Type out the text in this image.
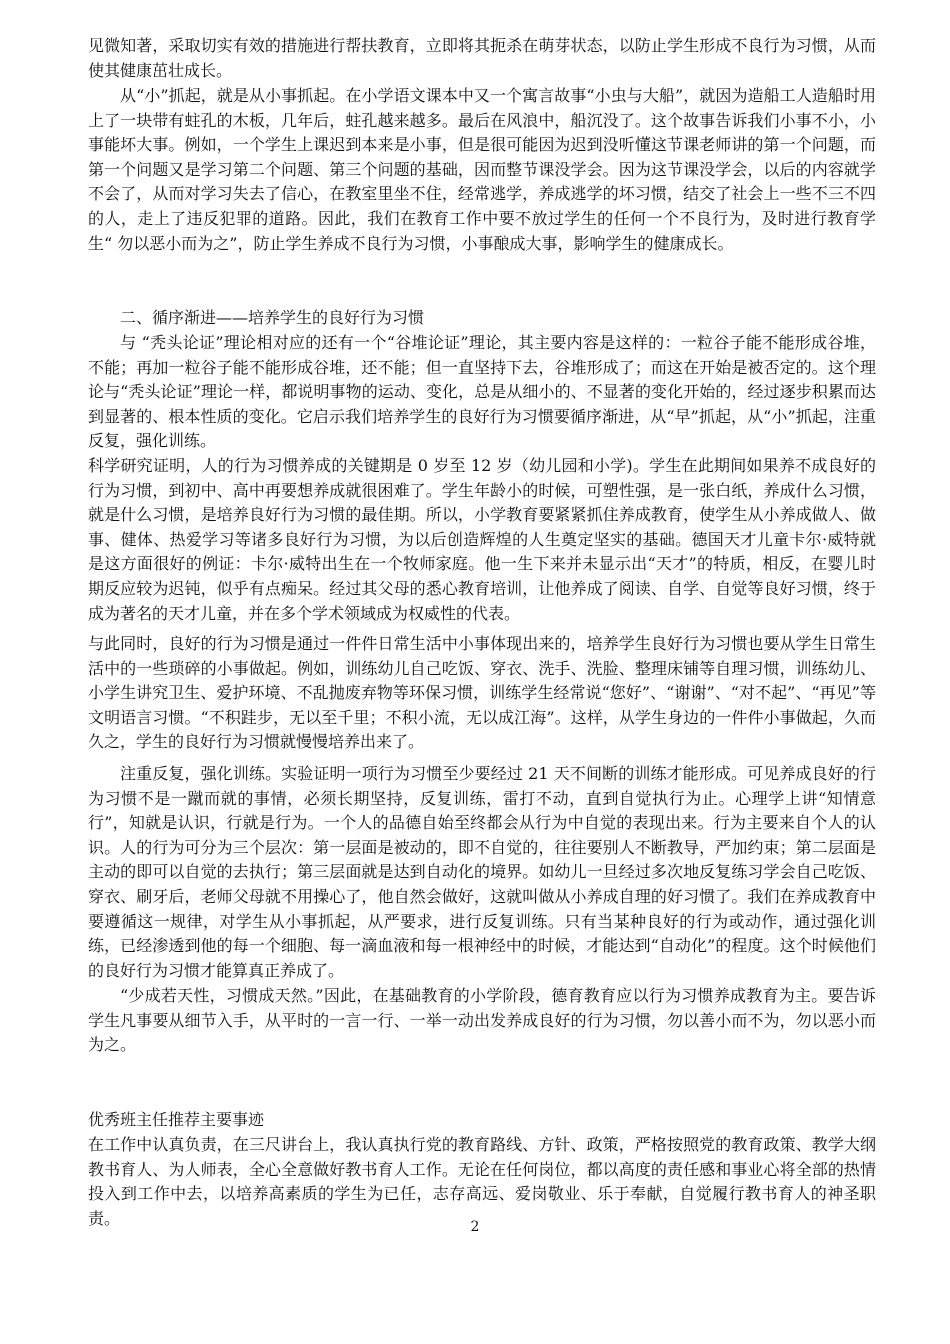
见微知著，采取切实有效的措施进行帮扶教育，立即将其扼杀在萌芽状态，以防止学生形成不良行为习惯，从而使其健康茁壮成长。

从“小”抓起，就是从小事抓起。在小学语文课本中又一个寓言故事“小虫与大船”，就因为造船工人造船时用上了一块带有蛀孔的木板，几年后，蛀孔越来越多。最后在风浪中，船沉没了。这个故事告诉我们小事不小，小事能坏大事。例如，一个学生上课迟到本来是小事，但是很可能因为迟到没听懂这节课老师讲的第一个问题，而第一个问题又是学习第二个问题、第三个问题的基础，因而整节课没学会。因为这节课没学会，以后的内容就学不会了，从而对学习失去了信心，在教室里坐不住，经常逃学，养成逃学的坏习惯，结交了社会上一些不三不四的人，走上了违反犯罪的道路。因此，我们在教育工作中要不放过学生的任何一个不良行为，及时进行教育学生“ 勿以恶小而为之”，防止学生养成不良行为习惯，小事酿成大事，影响学生的健康成长。

二、循序渐进——培养学生的良好行为习惯

与 “秃头论证”理论相对应的还有一个“谷堆论证”理论，其主要内容是这样的：一粒谷子能不能形成谷堆，不能；再加一粒谷子能不能形成谷堆，还不能；但一直坚持下去，谷堆形成了；而这在开始是被否定的。这个理论与“秃头论证”理论一样，都说明事物的运动、变化，总是从细小的、不显著的变化开始的，经过逐步积累而达到显著的、根本性质的变化。它启示我们培养学生的良好行为习惯要循序渐进，从“早”抓起，从“小”抓起，注重反复，强化训练。

科学研究证明，人的行为习惯养成的关键期是 0 岁至 12 岁（幼儿园和小学)。学生在此期间如果养不成良好的行为习惯，到初中、高中再要想养成就很困难了。学生年龄小的时候，可塑性强，是一张白纸，养成什么习惯，就是什么习惯，是培养良好行为习惯的最佳期。所以，小学教育要紧紧抓住养成教育，使学生从小养成做人、做事、健体、热爱学习等诸多良好行为习惯，为以后创造辉煌的人生奠定坚实的基础。德国天才儿童卡尔·威特就是这方面很好的例证：卡尔·威特出生在一个牧师家庭。他一生下来并未显示出“天才”的特质，相反，在婴儿时期反应较为迟钝，似乎有点痴呆。经过其父母的悉心教育培训，让他养成了阅读、自学、自觉等良好习惯，终于成为著名的天才儿童，并在多个学术领域成为权威性的代表。

与此同时，良好的行为习惯是通过一件件日常生活中小事体现出来的，培养学生良好行为习惯也要从学生日常生活中的一些琐碎的小事做起。例如，训练幼儿自己吃饭、穿衣、洗手、洗脸、整理床铺等自理习惯，训练幼儿、小学生讲究卫生、爱护环境、不乱抛废弃物等环保习惯，训练学生经常说“您好”、“谢谢”、“对不起”、“再见”等文明语言习惯。“不积跬步，无以至千里；不积小流，无以成江海”。这样，从学生身边的一件件小事做起，久而久之，学生的良好行为习惯就慢慢培养出来了。

注重反复，强化训练。实验证明一项行为习惯至少要经过 21 天不间断的训练才能形成。可见养成良好的行为习惯不是一蹴而就的事情，必须长期坚持，反复训练，雷打不动，直到自觉执行为止。心理学上讲“知情意行”，知就是认识，行就是行为。一个人的品德自始至终都会从行为中自觉的表现出来。行为主要来自个人的认识。人的行为可分为三个层次：第一层面是被动的，即不自觉的，往往要别人不断教导，严加约束；第二层面是主动的即可以自觉的去执行；第三层面就是达到自动化的境界。如幼儿一旦经过多次地反复练习学会自己吃饭、穿衣、刷牙后，老师父母就不用操心了，他自然会做好，这就叫做从小养成自理的好习惯了。我们在养成教育中要遵循这一规律，对学生从小事抓起，从严要求，进行反复训练。只有当某种良好的行为或动作，通过强化训练，已经渗透到他的每一个细胞、每一滴血液和每一根神经中的时候，才能达到“自动化”的程度。这个时候他们的良好行为习惯才能算真正养成了。

“少成若天性，习惯成天然。”因此，在基础教育的小学阶段，德育教育应以行为习惯养成教育为主。要告诉学生凡事要从细节入手，从平时的一言一行、一举一动出发养成良好的行为习惯，勿以善小而不为，勿以恶小而为之。

优秀班主任推荐主要事迹

在工作中认真负责，在三尺讲台上，我认真执行党的教育路线、方针、政策，严格按照党的教育政策、教学大纲教书育人、为人师表，全心全意做好教书育人工作。无论在任何岗位，都以高度的责任感和事业心将全部的热情投入到工作中去，以培养高素质的学生为已任，志存高远、爱岗敬业、乐于奉献，自觉履行教书育人的神圣职责。	2
